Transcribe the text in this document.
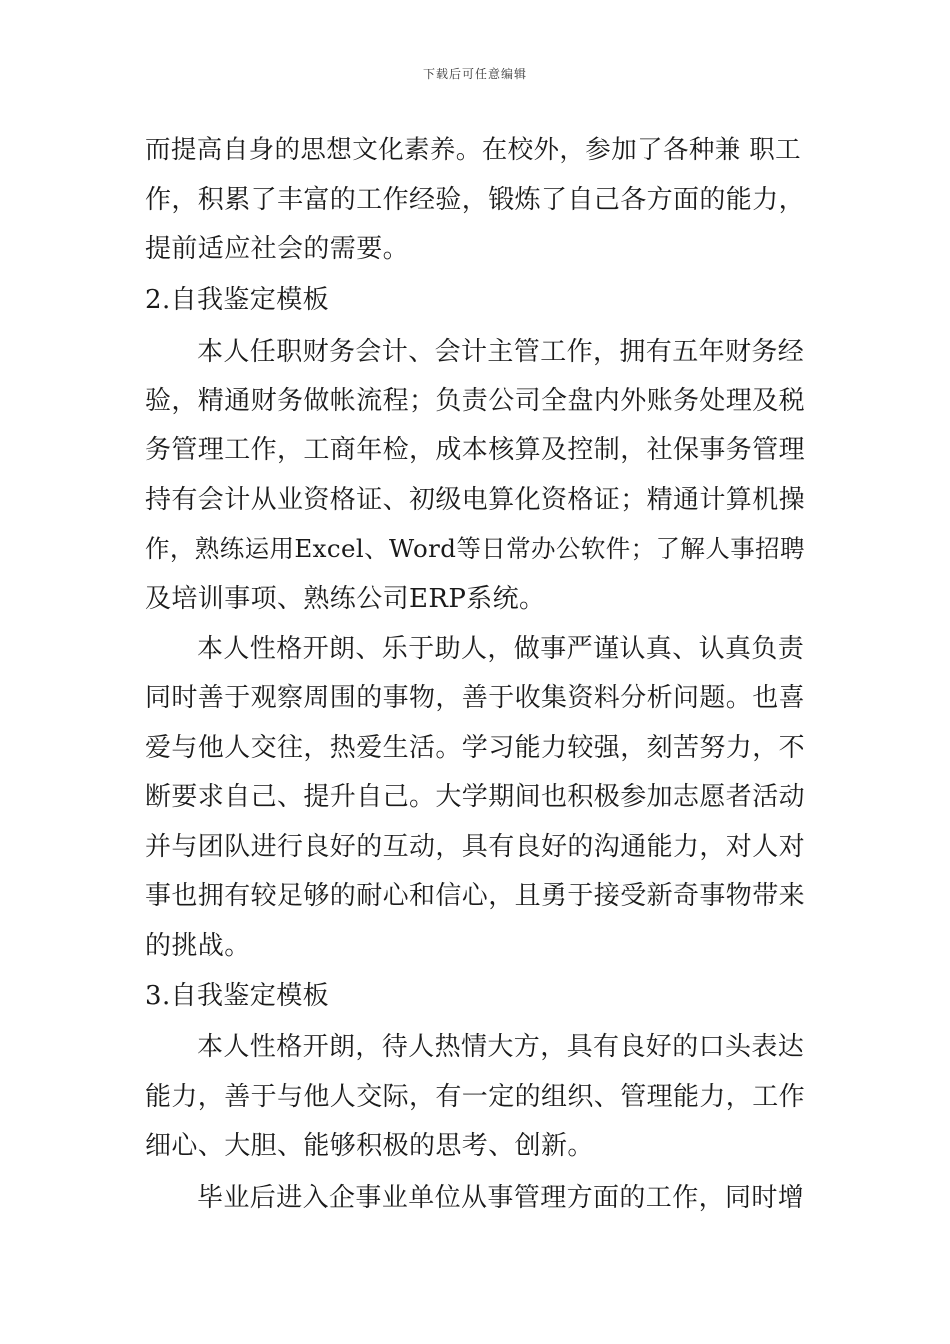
下载后可任意编辑
而提高自身的思想文化素养。在校外，参加了各种兼 职工
作，积累了丰富的工作经验，锻炼了自己各方面的能力，
提前适应社会的需要。
2.自我鉴定模板
本人任职财务会计、会计主管工作，拥有五年财务经
验，精通财务做帐流程；负责公司全盘内外账务处理及税
务管理工作，工商年检，成本核算及控制，社保事务管理
持有会计从业资格证、初级电算化资格证；精通计算机操
作，熟练运用Excel、Word等日常办公软件；了解人事招聘
及培训事项、熟练公司ERP系统。
本人性格开朗、乐于助人，做事严谨认真、认真负责
同时善于观察周围的事物，善于收集资料分析问题。也喜
爱与他人交往，热爱生活。学习能力较强，刻苦努力，不
断要求自己、提升自己。大学期间也积极参加志愿者活动
并与团队进行良好的互动，具有良好的沟通能力，对人对
事也拥有较足够的耐心和信心，且勇于接受新奇事物带来
的挑战。
3.自我鉴定模板
本人性格开朗，待人热情大方，具有良好的口头表达
能力，善于与他人交际，有一定的组织、管理能力，工作
细心、大胆、能够积极的思考、创新。
毕业后进入企事业单位从事管理方面的工作，同时增
